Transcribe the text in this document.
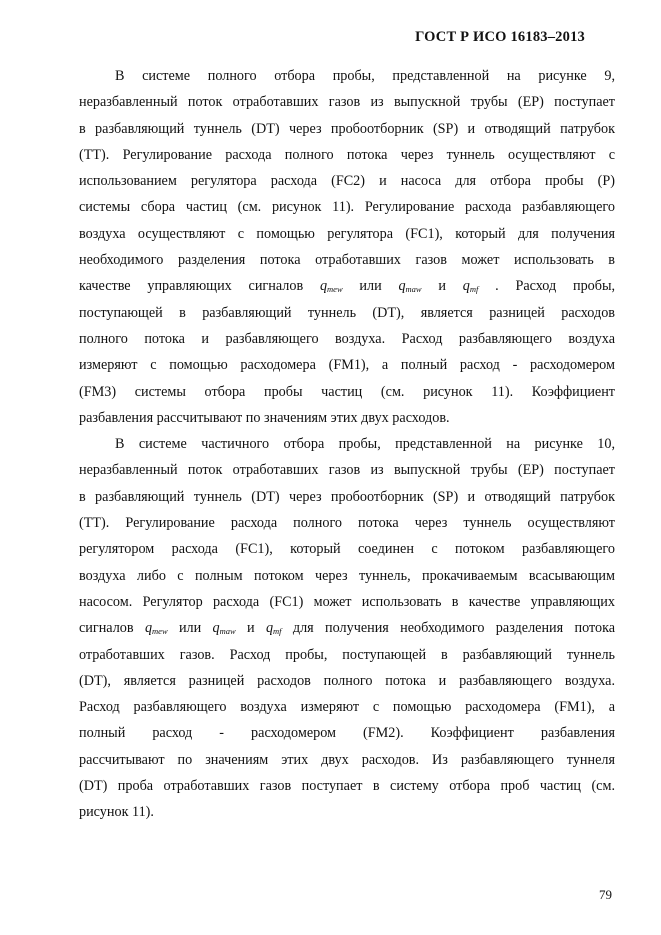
ГОСТ Р ИСО 16183–2013
В системе полного отбора пробы, представленной на рисунке 9,
неразбавленный поток отработавших газов из выпускной трубы (EP) поступает
в разбавляющий туннель (DT) через пробоотборник (SP) и отводящий патрубок
(TT). Регулирование расхода полного потока через туннель осуществляют с
использованием регулятора расхода (FC2) и насоса для отбора пробы (P)
системы сбора частиц (см. рисунок 11). Регулирование расхода разбавляющего
воздуха осуществляют с помощью регулятора (FC1), который для получения
необходимого разделения потока отработавших газов может использовать в
качестве управляющих сигналов $q_{mew}$ или $q_{maw}$ и $q_{mf}$ . Расход пробы,
поступающей в разбавляющий туннель (DT), является разницей расходов
полного потока и разбавляющего воздуха. Расход разбавляющего воздуха
измеряют с помощью расходомера (FM1), а полный расход - расходомером
(FM3) системы отбора пробы частиц (см. рисунок 11). Коэффициент
разбавления рассчитывают по значениям этих двух расходов.
В системе частичного отбора пробы, представленной на рисунке 10,
неразбавленный поток отработавших газов из выпускной трубы (EP) поступает
в разбавляющий туннель (DT) через пробоотборник (SP) и отводящий патрубок
(TT). Регулирование расхода полного потока через туннель осуществляют
регулятором расхода (FC1), который соединен с потоком разбавляющего
воздуха либо с полным потоком через туннель, прокачиваемым всасывающим
насосом. Регулятор расхода (FC1) может использовать в качестве управляющих
сигналов $q_{mew}$ или $q_{maw}$ и $q_{mf}$ для получения необходимого разделения потока
отработавших газов. Расход пробы, поступающей в разбавляющий туннель
(DT), является разницей расходов полного потока и разбавляющего воздуха.
Расход разбавляющего воздуха измеряют с помощью расходомера (FM1), а
полный расход - расходомером (FM2). Коэффициент разбавления
рассчитывают по значениям этих двух расходов. Из разбавляющего туннеля
(DT) проба отработавших газов поступает в систему отбора проб частиц (см.
рисунок 11).
79
